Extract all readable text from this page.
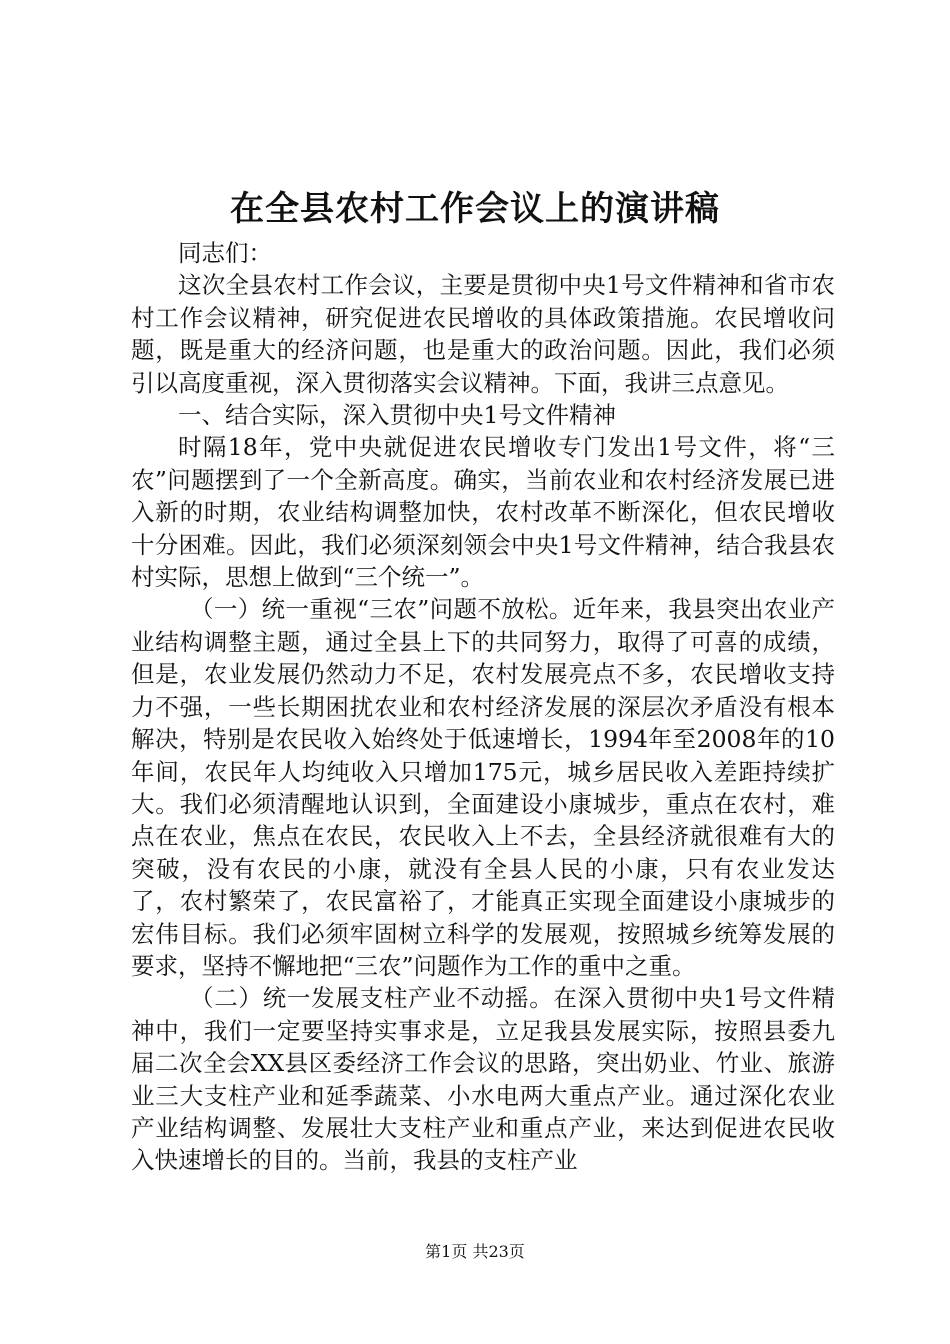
在全县农村工作会议上的演讲稿

同志们：

这次全县农村工作会议，主要是贯彻中央1号文件精神和省市农村工作会议精神，研究促进农民增收的具体政策措施。农民增收问题，既是重大的经济问题，也是重大的政治问题。因此，我们必须引以高度重视，深入贯彻落实会议精神。下面，我讲三点意见。

一、结合实际，深入贯彻中央1号文件精神

时隔18年，党中央就促进农民增收专门发出1号文件，将“三农”问题摆到了一个全新高度。确实，当前农业和农村经济发展已进入新的时期，农业结构调整加快，农村改革不断深化，但农民增收十分困难。因此，我们必须深刻领会中央1号文件精神，结合我县农村实际，思想上做到“三个统一”。

（一）统一重视“三农”问题不放松。近年来，我县突出农业产业结构调整主题，通过全县上下的共同努力，取得了可喜的成绩，但是，农业发展仍然动力不足，农村发展亮点不多，农民增收支持力不强，一些长期困扰农业和农村经济发展的深层次矛盾没有根本解决，特别是农民收入始终处于低速增长，1994年至2008年的10年间，农民年人均纯收入只增加175元，城乡居民收入差距持续扩大。我们必须清醒地认识到，全面建设小康城步，重点在农村，难点在农业，焦点在农民，农民收入上不去，全县经济就很难有大的突破，没有农民的小康，就没有全县人民的小康，只有农业发达了，农村繁荣了，农民富裕了，才能真正实现全面建设小康城步的宏伟目标。我们必须牢固树立科学的发展观，按照城乡统筹发展的要求，坚持不懈地把“三农”问题作为工作的重中之重。

（二）统一发展支柱产业不动摇。在深入贯彻中央1号文件精神中，我们一定要坚持实事求是，立足我县发展实际，按照县委九届二次全会XX县区委经济工作会议的思路，突出奶业、竹业、旅游业三大支柱产业和延季蔬菜、小水电两大重点产业。通过深化农业产业结构调整、发展壮大支柱产业和重点产业，来达到促进农民收入快速增长的目的。当前，我县的支柱产业

第1页 共23页
